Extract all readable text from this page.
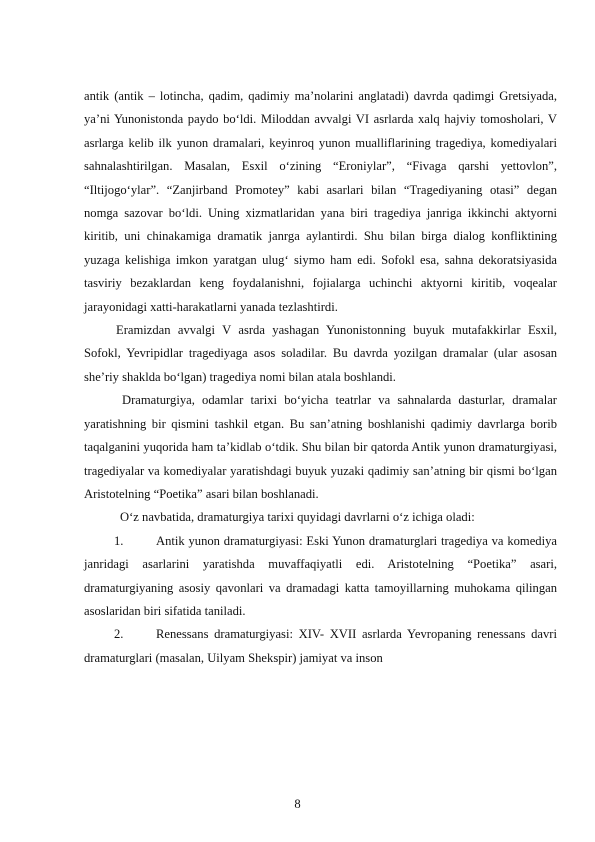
antik (antik – lotincha, qadim, qadimiy ma’nolarini anglatadi) davrda qadimgi Gretsiyada, ya’ni Yunonistonda paydo bo‘ldi. Miloddan avvalgi VI asrlarda xalq hajviy tomosholari, V asrlarga kelib ilk yunon dramalari, keyinroq yunon mualliflarining tragediya, komediyalari sahnalashtirilgan. Masalan, Esxil o‘zining “Eroniylar”, “Fivaga qarshi yettovlon”, “Iltijogo‘ylar”. “Zanjirband Promotey” kabi asarlari bilan “Tragediyaning otasi” degan nomga sazovar bo‘ldi. Uning xizmatlaridan yana biri tragediya janriga ikkinchi aktyorni kiritib, uni chinakamiga dramatik janrga aylantirdi. Shu bilan birga dialog konfliktining yuzaga kelishiga imkon yaratgan ulug‘ siymo ham edi. Sofokl esa, sahna dekoratsiyasida tasviriy bezaklardan keng foydalanishni, fojialarga uchinchi aktyorni kiritib, voqealar jarayonidagi xatti-harakatlarni yanada tezlashtirdi.

Eramizdan avvalgi V asrda yashagan Yunonistonning buyuk mutafakkirlar Esxil, Sofokl, Yevripidlar tragediyaga asos soladilar. Bu davrda yozilgan dramalar (ular asosan she’riy shaklda bo‘lgan) tragediya nomi bilan atala boshlandi.

Dramaturgiya, odamlar tarixi bo‘yicha teatrlar va sahnalarda dasturlar, dramalar yaratishning bir qismini tashkil etgan. Bu san’atning boshlanishi qadimiy davrlarga borib taqalganini yuqorida ham ta’kidlab o‘tdik. Shu bilan bir qatorda Antik yunon dramaturgiyasi, tragediyalar va komediyalar yaratishdagi buyuk yuzaki qadimiy san’atning bir qismi bo‘lgan Aristotelning “Poetika” asari bilan boshlanadi.

O‘z navbatida, dramaturgiya tarixi quyidagi davrlarni o‘z ichiga oladi:

1.	Antik yunon dramaturgiyasi: Eski Yunon dramaturglari tragediya va komediya janridagi asarlarini yaratishda muvaffaqiyatli edi. Aristotelning “Poetika” asari, dramaturgiyaning asosiy qavonlari va dramadagi katta tamoyillarning muhokama qilingan asoslaridan biri sifatida taniladi.

2.	Renessans dramaturgiyasi: XIV- XVII asrlarda Yevropaning renessans davri dramaturglari (masalan, Uilyam Shekspir) jamiyat va inson

8
